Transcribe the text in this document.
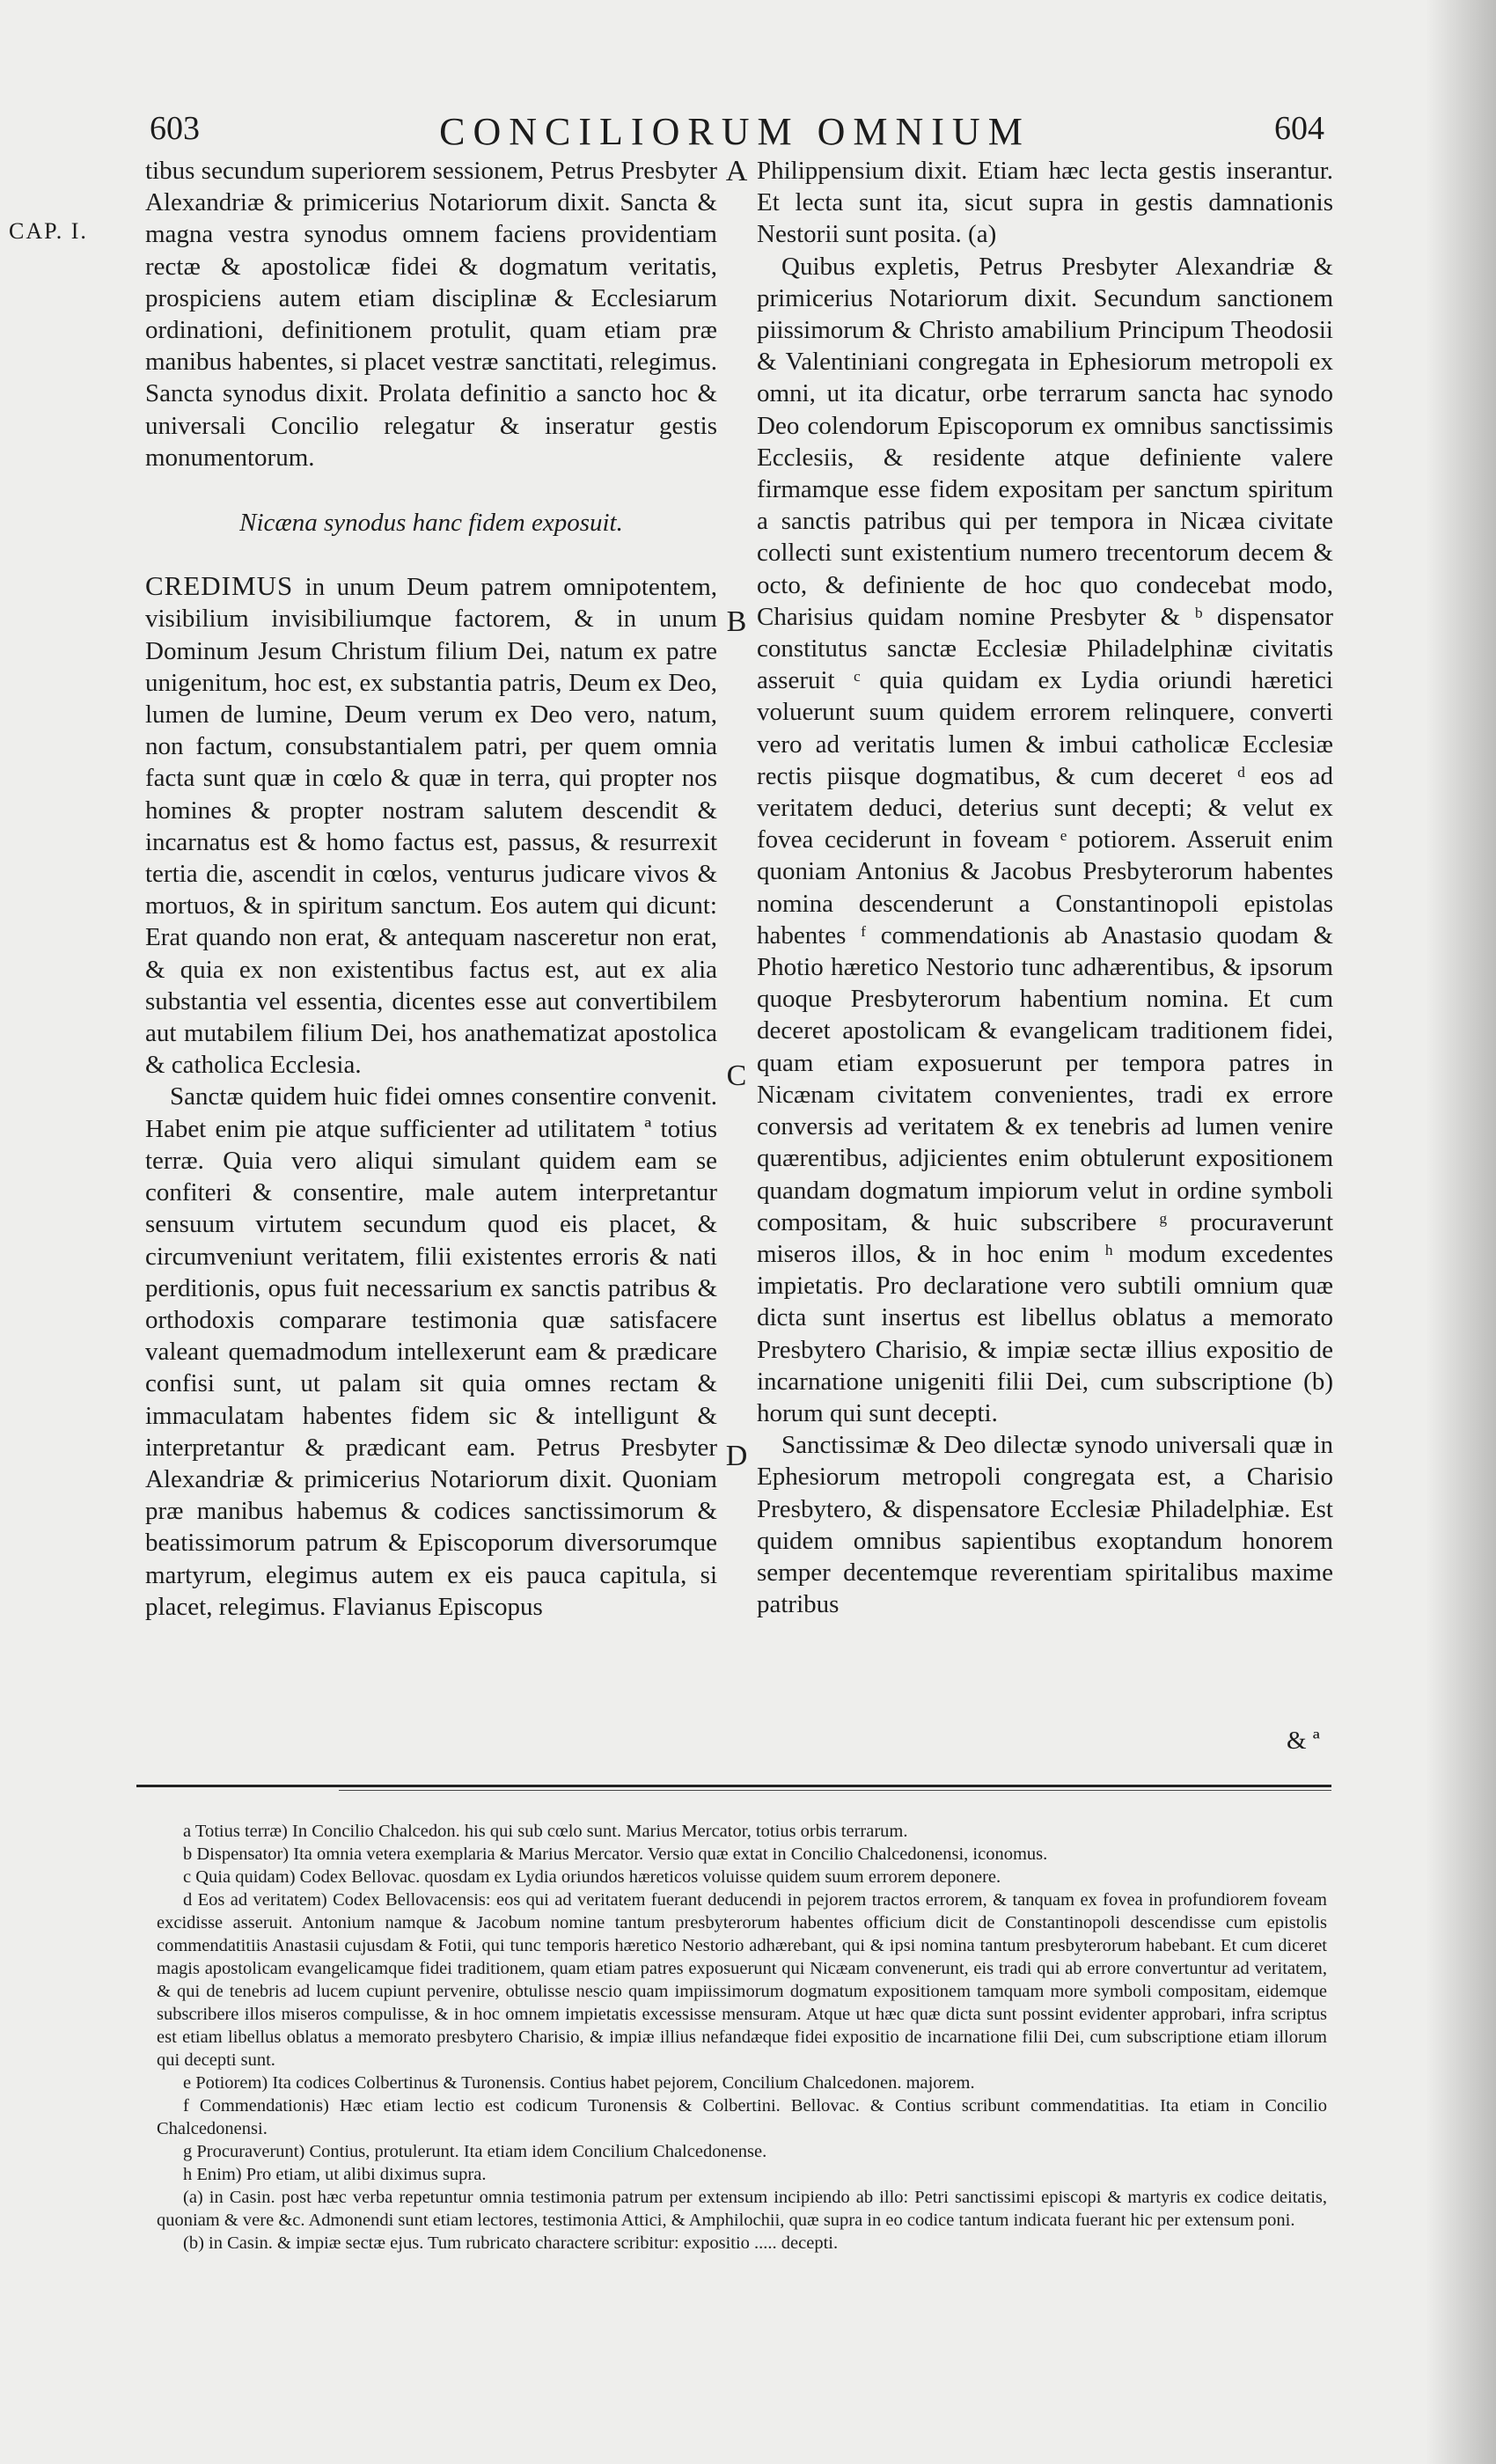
603	CONCILIORUM OMNIUM	604
CAP. I.

tibus secundum superiorem sessionem, Petrus Presbyter Alexandriæ & primicerius Notariorum dixit. Sancta & magna vestra synodus omnem faciens providentiam rectæ & apostolicæ fidei & dogmatum veritatis, prospiciens autem etiam disciplinæ & Ecclesiarum ordinationi, definitionem protulit, quam etiam præ manibus habentes, si placet vestræ sanctitati, relegimus. Sancta synodus dixit. Prolata definitio a sancto hoc & universali Concilio relegatur & inseratur gestis monumentorum.

Nicæna synodus hanc fidem exposuit.

CREDIMUS in unum Deum patrem omnipotentem, visibilium invisibiliumque factorem, & in unum Dominum Jesum Christum filium Dei, natum ex patre unigenitum, hoc est, ex substantia patris, Deum ex Deo, lumen de lumine, Deum verum ex Deo vero, natum, non factum, consubstantialem patri, per quem omnia facta sunt quæ in cœlo & quæ in terra, qui propter nos homines & propter nostram salutem descendit & incarnatus est & homo factus est, passus, & resurrexit tertia die, ascendit in cœlos, venturus judicare vivos & mortuos, & in spiritum sanctum. Eos autem qui dicunt: Erat quando non erat, & antequam nasceretur non erat, & quia ex non existentibus factus est, aut ex alia substantia vel essentia, dicentes esse aut convertibilem aut mutabilem filium Dei, hos anathematizat apostolica & catholica Ecclesia.

Sanctæ quidem huic fidei omnes consentire convenit. Habet enim pie atque sufficienter ad utilitatem ª totius terræ. Quia vero aliqui simulant quidem eam se confiteri & consentire, male autem interpretantur sensuum virtutem secundum quod eis placet, & circumveniunt veritatem, filii existentes erroris & nati perditionis, opus fuit necessarium ex sanctis patribus & orthodoxis comparare testimonia quæ satisfacere valeant quemadmodum intellexerunt eam & prædicare confisi sunt, ut palam sit quia omnes rectam & immaculatam habentes fidem sic & intelligunt & interpretantur & prædicant eam. Petrus Presbyter Alexandriæ & primicerius Notariorum dixit. Quoniam præ manibus habemus & codices sanctissimorum & beatissimorum patrum & Episcoporum diversorumque martyrum, elegimus autem ex eis pauca capitula, si placet, relegimus. Flavianus Episcopus

A
B
C
D

Philippensium dixit. Etiam hæc lecta gestis inserantur. Et lecta sunt ita, sicut supra in gestis damnationis Nestorii sunt posita. (a)

Quibus expletis, Petrus Presbyter Alexandriæ & primicerius Notariorum dixit. Secundum sanctionem piissimorum & Christo amabilium Principum Theodosii & Valentiniani congregata in Ephesiorum metropoli ex omni, ut ita dicatur, orbe terrarum sancta hac synodo Deo colendorum Episcoporum ex omnibus sanctissimis Ecclesiis, & residente atque definiente valere firmamque esse fidem expositam per sanctum spiritum a sanctis patribus qui per tempora in Nicæa civitate collecti sunt existentium numero trecentorum decem & octo, & definiente de hoc quo condecebat modo, Charisius quidam nomine Presbyter & ᵇ dispensator constitutus sanctæ Ecclesiæ Philadelphinæ civitatis asseruit ᶜ quia quidam ex Lydia oriundi hæretici voluerunt suum quidem errorem relinquere, converti vero ad veritatis lumen & imbui catholicæ Ecclesiæ rectis piisque dogmatibus, & cum deceret ᵈ eos ad veritatem deduci, deterius sunt decepti; & velut ex fovea ceciderunt in foveam ᵉ potiorem. Asseruit enim quoniam Antonius & Jacobus Presbyterorum habentes nomina descenderunt a Constantinopoli epistolas habentes ᶠ commendationis ab Anastasio quodam & Photio hæretico Nestorio tunc adhærentibus, & ipsorum quoque Presbyterorum habentium nomina. Et cum deceret apostolicam & evangelicam traditionem fidei, quam etiam exposuerunt per tempora patres in Nicænam civitatem convenientes, tradi ex errore conversis ad veritatem & ex tenebris ad lumen venire quærentibus, adjicientes enim obtulerunt expositionem quandam dogmatum impiorum velut in ordine symboli compositam, & huic subscribere ᵍ procuraverunt miseros illos, & in hoc enim ʰ modum excedentes impietatis. Pro declaratione vero subtili omnium quæ dicta sunt insertus est libellus oblatus a memorato Presbytero Charisio, & impiæ sectæ illius expositio de incarnatione unigeniti filii Dei, cum subscriptione (b) horum qui sunt decepti.

Sanctissimæ & Deo dilectæ synodo universali quæ in Ephesiorum metropoli congregata est, a Charisio Presbytero, & dispensatore Ecclesiæ Philadelphiæ. Est quidem omnibus sapientibus exoptandum honorem semper decentemque reverentiam spiritalibus maxime patribus

& ª

a Totius terræ) In Concilio Chalcedon. his qui sub cœlo sunt. Marius Mercator, totius orbis terrarum.

b Dispensator) Ita omnia vetera exemplaria & Marius Mercator. Versio quæ extat in Concilio Chalcedonensi, iconomus.

c Quia quidam) Codex Bellovac. quosdam ex Lydia oriundos hæreticos voluisse quidem suum errorem deponere.

d Eos ad veritatem) Codex Bellovacensis: eos qui ad veritatem fuerant deducendi in pejorem tractos errorem, & tanquam ex fovea in profundiorem foveam excidisse asseruit. Antonium namque & Jacobum nomine tantum presbyterorum habentes officium dicit de Constantinopoli descendisse cum epistolis commendatitiis Anastasii cujusdam & Fotii, qui tunc temporis hæretico Nestorio adhærebant, qui & ipsi nomina tantum presbyterorum habebant. Et cum diceret magis apostolicam evangelicamque fidei traditionem, quam etiam patres exposuerunt qui Nicæam convenerunt, eis tradi qui ab errore convertuntur ad veritatem, & qui de tenebris ad lucem cupiunt pervenire, obtulisse nescio quam impiissimorum dogmatum expositionem tamquam more symboli compositam, eidemque subscribere illos miseros compulisse, & in hoc omnem impietatis excessisse mensuram. Atque ut hæc quæ dicta sunt possint evidenter approbari, infra scriptus est etiam libellus oblatus a memorato presbytero Charisio, & impiæ illius nefandæque fidei expositio de incarnatione filii Dei, cum subscriptione etiam illorum qui decepti sunt.

e Potiorem) Ita codices Colbertinus & Turonensis. Contius habet pejorem, Concilium Chalcedonen. majorem.

f Commendationis) Hæc etiam lectio est codicum Turonensis & Colbertini. Bellovac. & Contius scribunt commendatitias. Ita etiam in Concilio Chalcedonensi.

g Procuraverunt) Contius, protulerunt. Ita etiam idem Concilium Chalcedonense.

h Enim) Pro etiam, ut alibi diximus supra.

(a) in Casin. post hæc verba repetuntur omnia testimonia patrum per extensum incipiendo ab illo: Petri sanctissimi episcopi & martyris ex codice deitatis, quoniam & vere &c. Admonendi sunt etiam lectores, testimonia Attici, & Amphilochii, quæ supra in eo codice tantum indicata fuerant hic per extensum poni.

(b) in Casin. & impiæ sectæ ejus. Tum rubricato charactere scribitur: expositio ..... decepti.
